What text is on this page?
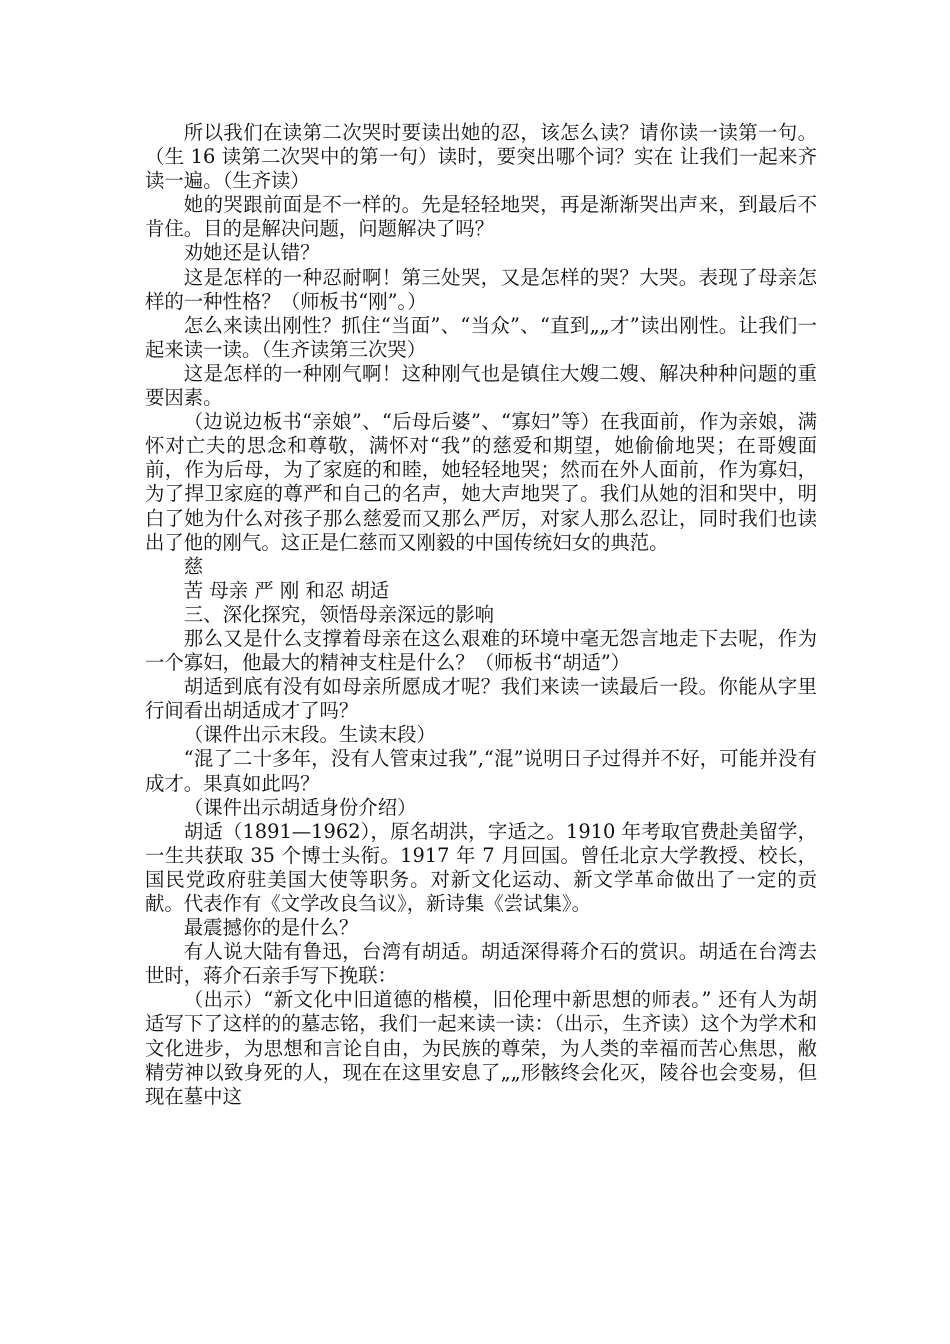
所以我们在读第二次哭时要读出她的忍，该怎么读？请你读一读第一句。（生 16 读第二次哭中的第一句）读时，要突出哪个词？实在 让我们一起来齐读一遍。（生齐读）

她的哭跟前面是不一样的。先是轻轻地哭，再是渐渐哭出声来，到最后不肯住。目的是解决问题，问题解决了吗？

劝她还是认错？

这是怎样的一种忍耐啊！第三处哭，又是怎样的哭？大哭。表现了母亲怎样的一种性格？（师板书“刚”。）

怎么来读出刚性？抓住“当面”、“当众”、“直到„„才”读出刚性。让我们一起来读一读。（生齐读第三次哭）

这是怎样的一种刚气啊！这种刚气也是镇住大嫂二嫂、解决种种问题的重要因素。

（边说边板书“亲娘”、“后母后婆”、“寡妇”等）在我面前，作为亲娘，满怀对亡夫的思念和尊敬，满怀对“我”的慈爱和期望，她偷偷地哭；在哥嫂面前，作为后母，为了家庭的和睦，她轻轻地哭；然而在外人面前，作为寡妇，为了捍卫家庭的尊严和自己的名声，她大声地哭了。我们从她的泪和哭中，明白了她为什么对孩子那么慈爱而又那么严厉，对家人那么忍让，同时我们也读出了他的刚气。这正是仁慈而又刚毅的中国传统妇女的典范。

慈

苦 母亲 严 刚 和忍 胡适

三、深化探究，领悟母亲深远的影响

那么又是什么支撑着母亲在这么艰难的环境中毫无怨言地走下去呢，作为一个寡妇，他最大的精神支柱是什么？（师板书“胡适”）

胡适到底有没有如母亲所愿成才呢？我们来读一读最后一段。你能从字里行间看出胡适成才了吗？

（课件出示末段。生读末段）

“混了二十多年，没有人管束过我”,“混”说明日子过得并不好，可能并没有成才。果真如此吗？

（课件出示胡适身份介绍）

胡适（1891—1962），原名胡洪，字适之。1910 年考取官费赴美留学，一生共获取 35 个博士头衔。1917 年 7 月回国。曾任北京大学教授、校长，国民党政府驻美国大使等职务。对新文化运动、新文学革命做出了一定的贡献。代表作有《文学改良刍议》，新诗集《尝试集》。

最震撼你的是什么？

有人说大陆有鲁迅，台湾有胡适。胡适深得蒋介石的赏识。胡适在台湾去世时，蒋介石亲手写下挽联：

（出示）“新文化中旧道德的楷模，旧伦理中新思想的师表。” 还有人为胡适写下了这样的的墓志铭，我们一起来读一读：（出示，生齐读）这个为学术和文化进步，为思想和言论自由，为民族的尊荣，为人类的幸福而苦心焦思，敝精劳神以致身死的人，现在在这里安息了„„形骸终会化灭，陵谷也会变易，但现在墓中这
